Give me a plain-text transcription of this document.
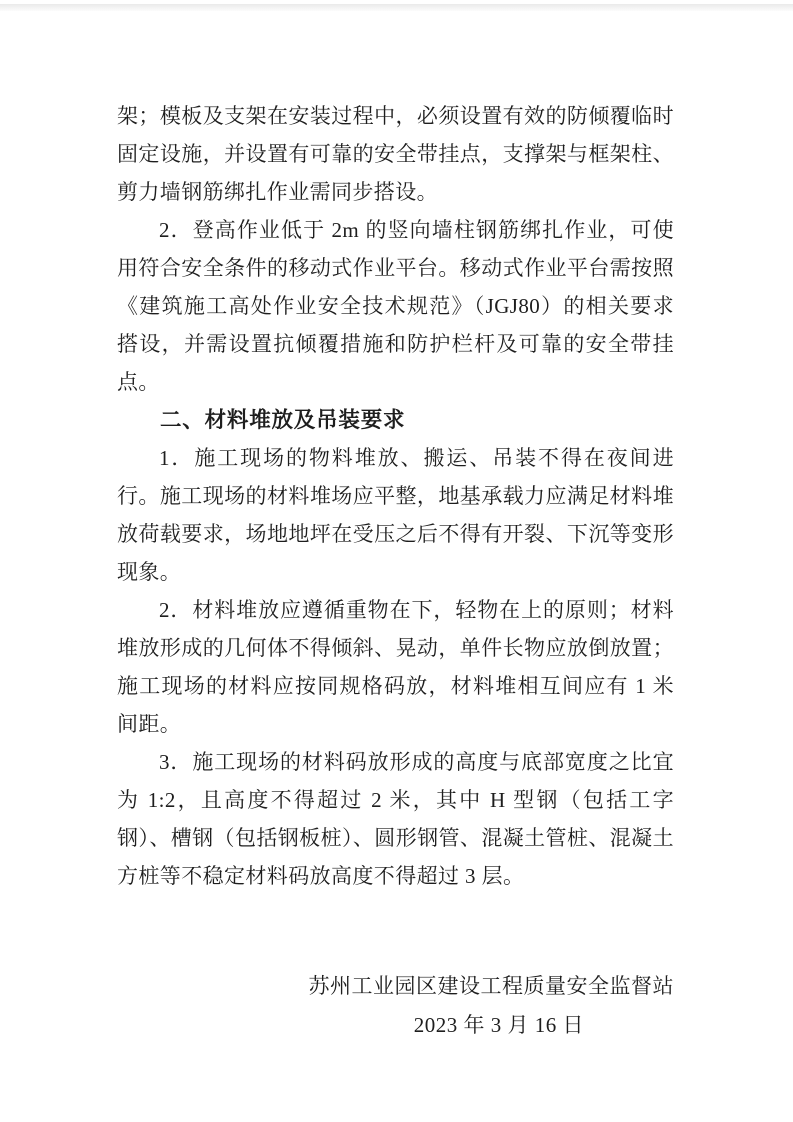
架；模板及支架在安装过程中，必须设置有效的防倾覆临时固定设施，并设置有可靠的安全带挂点，支撑架与框架柱、剪力墙钢筋绑扎作业需同步搭设。

2．登高作业低于 2m 的竖向墙柱钢筋绑扎作业，可使用符合安全条件的移动式作业平台。移动式作业平台需按照《建筑施工高处作业安全技术规范》（JGJ80）的相关要求搭设，并需设置抗倾覆措施和防护栏杆及可靠的安全带挂点。

二、材料堆放及吊装要求

1．施工现场的物料堆放、搬运、吊装不得在夜间进行。施工现场的材料堆场应平整，地基承载力应满足材料堆放荷载要求，场地地坪在受压之后不得有开裂、下沉等变形现象。

2．材料堆放应遵循重物在下，轻物在上的原则；材料堆放形成的几何体不得倾斜、晃动，单件长物应放倒放置；施工现场的材料应按同规格码放，材料堆相互间应有 1 米间距。

3．施工现场的材料码放形成的高度与底部宽度之比宜为 1:2，且高度不得超过 2 米，其中 H 型钢（包括工字钢）、槽钢（包括钢板桩）、圆形钢管、混凝土管桩、混凝土方桩等不稳定材料码放高度不得超过 3 层。

苏州工业园区建设工程质量安全监督站
2023 年 3 月 16 日
